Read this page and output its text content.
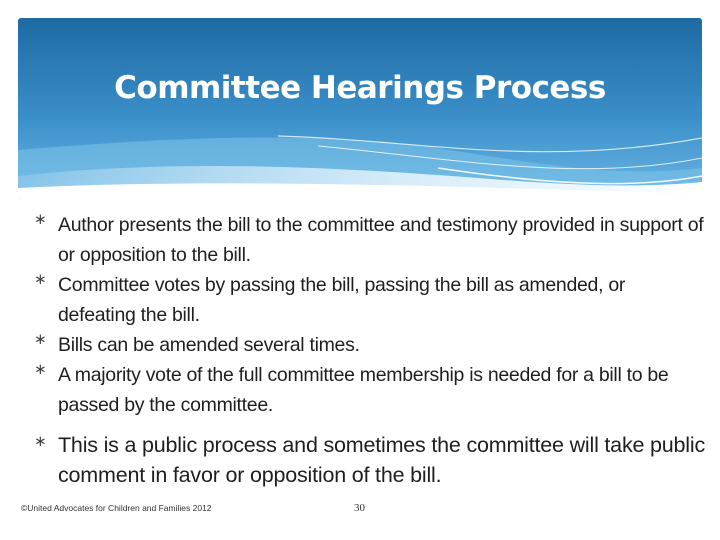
Committee Hearings Process
∗ Author presents the bill to the committee and testimony provided in support of or opposition to the bill.
∗ Committee votes by passing the bill, passing the bill as amended, or defeating the bill.
∗ Bills can be amended several times.
∗ A majority vote of the full committee membership is needed for a bill to be passed by the committee.
∗ This is a public process and sometimes the committee will take public comment in favor or opposition of the bill.
©United Advocates for Children and Families 2012	30
